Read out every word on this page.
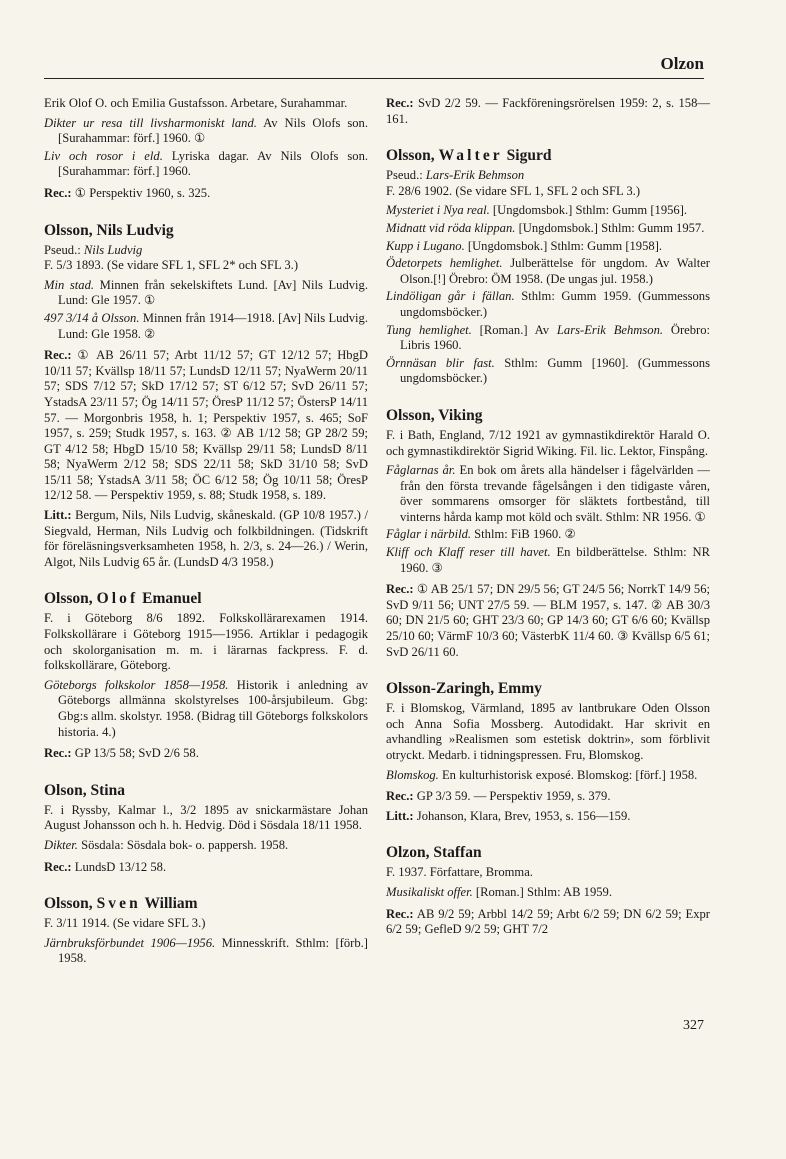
Olzon

Erik Olof O. och Emilia Gustafsson. Arbetare, Surahammar.

Dikter ur resa till livsharmoniskt land. Av Nils Olofs son. [Surahammar: förf.] 1960. ①
Liv och rosor i eld. Lyriska dagar. Av Nils Olofs son. [Surahammar: förf.] 1960.

Rec.: ① Perspektiv 1960, s. 325.

Olsson, Nils Ludvig
Pseud.: Nils Ludvig

F. 5/3 1893. (Se vidare SFL 1, SFL 2* och SFL 3.)

Min stad. Minnen från sekelskiftets Lund. [Av] Nils Ludvig. Lund: Gle 1957. ①
497 3/14 å Olsson. Minnen från 1914—1918. [Av] Nils Ludvig. Lund: Gle 1958. ②

Rec.: ① AB 26/11 57; Arbt 11/12 57; GT 12/12 57; HbgD 10/11 57; Kvällsp 18/11 57; LundsD 12/11 57; NyaWerm 20/11 57; SDS 7/12 57; SkD 17/12 57; ST 6/12 57; SvD 26/11 57; YstadsA 23/11 57; Ög 14/11 57; ÖresP 11/12 57; ÖstersP 14/11 57. — Morgonbris 1958, h. 1; Perspektiv 1957, s. 465; SoF 1957, s. 259; Studk 1957, s. 163. ② AB 1/12 58; GP 28/2 59; GT 4/12 58; HbgD 15/10 58; Kvällsp 29/11 58; LundsD 8/11 58; NyaWerm 2/12 58; SDS 22/11 58; SkD 31/10 58; SvD 15/11 58; YstadsA 3/11 58; ÖC 6/12 58; Ög 10/11 58; ÖresP 12/12 58. — Perspektiv 1959, s. 88; Studk 1958, s. 189.

Litt.: Bergum, Nils, Nils Ludvig, skåneskald. (GP 10/8 1957.) / Siegvald, Herman, Nils Ludvig och folkbildningen. (Tidskrift för föreläsningsverksamheten 1958, h. 2/3, s. 24—26.) / Werin, Algot, Nils Ludvig 65 år. (LundsD 4/3 1958.)

Olsson, Olof Emanuel

F. i Göteborg 8/6 1892. Folkskollärarexamen 1914. Folkskollärare i Göteborg 1915—1956. Artiklar i pedagogik och skolorganisation m. m. i lärarnas fackpress. F. d. folkskollärare, Göteborg.

Göteborgs folkskolor 1858—1958. Historik i anledning av Göteborgs allmänna skolstyrelses 100-årsjubileum. Gbg: Gbg:s allm. skolstyr. 1958. (Bidrag till Göteborgs folkskolors historia. 4.)

Rec.: GP 13/5 58; SvD 2/6 58.

Olson, Stina

F. i Ryssby, Kalmar l., 3/2 1895 av snickarmästare Johan August Johansson och h. h. Hedvig. Död i Sösdala 18/11 1958.

Dikter. Sösdala: Sösdala bok- o. pappersh. 1958.

Rec.: LundsD 13/12 58.

Olsson, Sven William

F. 3/11 1914. (Se vidare SFL 3.)

Järnbruksförbundet 1906—1956. Minnesskrift. Sthlm: [förb.] 1958.

Rec.: SvD 2/2 59. — Fackföreningsrörelsen 1959: 2, s. 158—161.

Olsson, Walter Sigurd
Pseud.: Lars-Erik Behmson

F. 28/6 1902. (Se vidare SFL 1, SFL 2 och SFL 3.)

Mysteriet i Nya real. [Ungdomsbok.] Sthlm: Gumm [1956].
Midnatt vid röda klippan. [Ungdomsbok.] Sthlm: Gumm 1957.
Kupp i Lugano. [Ungdomsbok.] Sthlm: Gumm [1958].
Ödetorpets hemlighet. Julberättelse för ungdom. Av Walter Olson.[!] Örebro: ÖM 1958. (De ungas jul. 1958.)
Lindöligan går i fällan. Sthlm: Gumm 1959. (Gummessons ungdomsböcker.)
Tung hemlighet. [Roman.] Av Lars-Erik Behmson. Örebro: Libris 1960.
Örnnäsan blir fast. Sthlm: Gumm [1960]. (Gummessons ungdomsböcker.)
Olsson, Viking

F. i Bath, England, 7/12 1921 av gymnastikdirektör Harald O. och gymnastikdirektör Sigrid Wiking. Fil. lic. Lektor, Finspång.

Fåglarnas år. En bok om årets alla händelser i fågelvärlden — från den första trevande fågelsången i den tidigaste våren, över sommarens omsorger för släktets fortbestånd, till vinterns hårda kamp mot köld och svält. Sthlm: NR 1956. ①
Fåglar i närbild. Sthlm: FiB 1960. ②
Kliff och Klaff reser till havet. En bildberättelse. Sthlm: NR 1960. ③

Rec.: ① AB 25/1 57; DN 29/5 56; GT 24/5 56; NorrkT 14/9 56; SvD 9/11 56; UNT 27/5 59. — BLM 1957, s. 147. ② AB 30/3 60; DN 21/5 60; GHT 23/3 60; GP 14/3 60; GT 6/6 60; Kvällsp 25/10 60; VärmF 10/3 60; VästerbK 11/4 60. ③ Kvällsp 6/5 61; SvD 26/11 60.

Olsson-Zaringh, Emmy

F. i Blomskog, Värmland, 1895 av lantbrukare Oden Olsson och Anna Sofia Mossberg. Autodidakt. Har skrivit en avhandling »Realismen som estetisk doktrin», som förblivit otryckt. Medarb. i tidningspressen. Fru, Blomskog.

Blomskog. En kulturhistorisk exposé. Blomskog: [förf.] 1958.

Rec.: GP 3/3 59. — Perspektiv 1959, s. 379.

Litt.: Johanson, Klara, Brev, 1953, s. 156—159.

Olzon, Staffan

F. 1937. Författare, Bromma.

Musikaliskt offer. [Roman.] Sthlm: AB 1959.

Rec.: AB 9/2 59; Arbbl 14/2 59; Arbt 6/2 59; DN 6/2 59; Expr 6/2 59; GefleD 9/2 59; GHT 7/2

327
